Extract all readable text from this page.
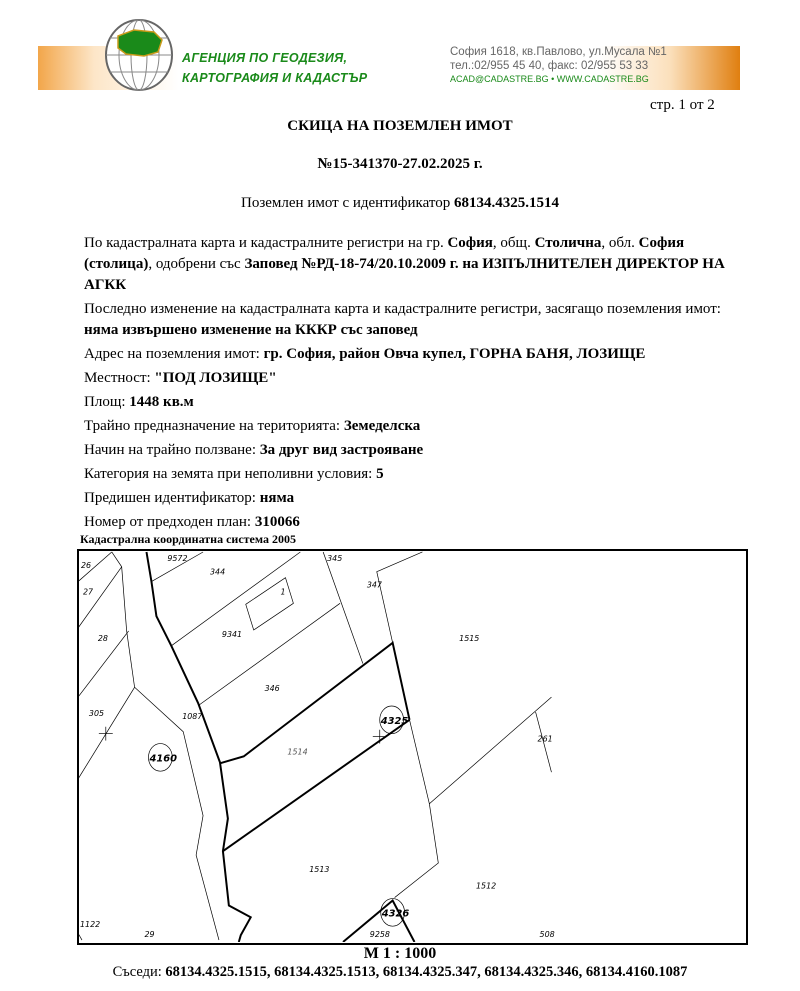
АГЕНЦИЯ ПО ГЕОДЕЗИЯ,
КАРТОГРАФИЯ И КАДАСТЪР
София 1618, кв.Павлово, ул.Мусала №1
тел.:02/955 45 40, факс: 02/955 53 33
ACAD@CADASTRE.BG • WWW.CADASTRE.BG
стр. 1 от 2
СКИЦА НА ПОЗЕМЛЕН ИМОТ
№15-341370-27.02.2025 г.
Поземлен имот с идентификатор 68134.4325.1514

По кадастралната карта и кадастралните регистри на гр. София, общ. Столична, обл. София (столица), одобрени със Заповед №РД-18-74/20.10.2009 г. на ИЗПЪЛНИТЕЛЕН ДИРЕКТОР НА АГКК

Последно изменение на кадастралната карта и кадастралните регистри, засягащо поземления имот: няма извършено изменение на КККР със заповед

Адрес на поземления имот: гр. София, район Овча купел, ГОРНА БАНЯ, ЛОЗИЩЕ

Местност: "ПОД ЛОЗИЩЕ"

Площ: 1448 кв.м

Трайно предназначение на територията: Земеделска

Начин на трайно ползване: За друг вид застрояване

Категория на земята при неполивни условия: 5

Предишен идентификатор: няма

Номер от предходен план: 310066

Кадастрална координатна система 2005
26
27
28
305
9572
344
1
345
347
9341
346
1087
1514
1515
261
1513
1512
1122
29	9258	508
4160
4325
4326
М 1 : 1000
Съседи: 68134.4325.1515, 68134.4325.1513, 68134.4325.347, 68134.4325.346, 68134.4160.1087
